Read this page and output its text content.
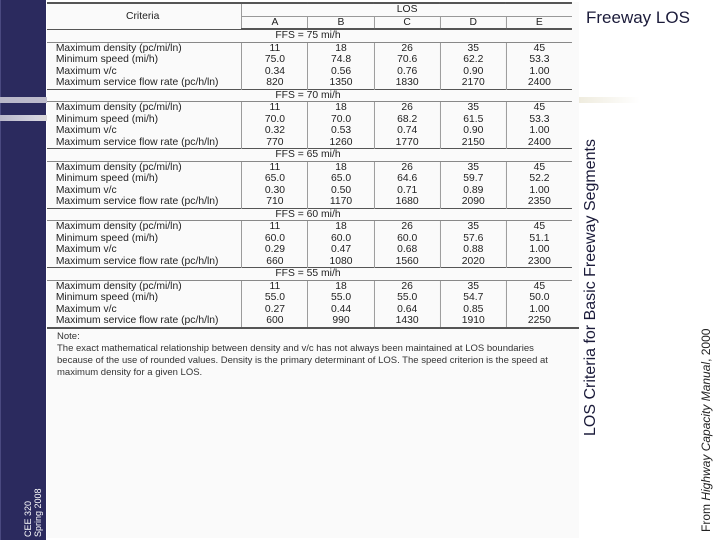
CEE 320
Spring 2008
Criteria	LOS				
	A	B	C	D	E
FFS = 75 mi/h					
Maximum density (pc/mi/ln)	11	18	26	35	45
Minimum speed (mi/h)	75.0	74.8	70.6	62.2	53.3
Maximum v/c	0.34	0.56	0.76	0.90	1.00
Maximum service flow rate (pc/h/ln)	820	1350	1830	2170	2400
FFS = 70 mi/h					
Maximum density (pc/mi/ln)	11	18	26	35	45
Minimum speed (mi/h)	70.0	70.0	68.2	61.5	53.3
Maximum v/c	0.32	0.53	0.74	0.90	1.00
Maximum service flow rate (pc/h/ln)	770	1260	1770	2150	2400
FFS = 65 mi/h					
Maximum density (pc/mi/ln)	11	18	26	35	45
Minimum speed (mi/h)	65.0	65.0	64.6	59.7	52.2
Maximum v/c	0.30	0.50	0.71	0.89	1.00
Maximum service flow rate (pc/h/ln)	710	1170	1680	2090	2350
FFS = 60 mi/h					
Maximum density (pc/mi/ln)	11	18	26	35	45
Minimum speed (mi/h)	60.0	60.0	60.0	57.6	51.1
Maximum v/c	0.29	0.47	0.68	0.88	1.00
Maximum service flow rate (pc/h/ln)	660	1080	1560	2020	2300
FFS = 55 mi/h					
Maximum density (pc/mi/ln)	11	18	26	35	45
Minimum speed (mi/h)	55.0	55.0	55.0	54.7	50.0
Maximum v/c	0.27	0.44	0.64	0.85	1.00
Maximum service flow rate (pc/h/ln)	600	990	1430	1910	2250
Note:
The exact mathematical relationship between density and v/c has not always been maintained at LOS boundaries because of the use of rounded values. Density is the primary determinant of LOS. The speed criterion is the speed at maximum density for a given LOS.
Freeway LOS
LOS Criteria for Basic Freeway Segments
From Highway Capacity Manual, 2000
